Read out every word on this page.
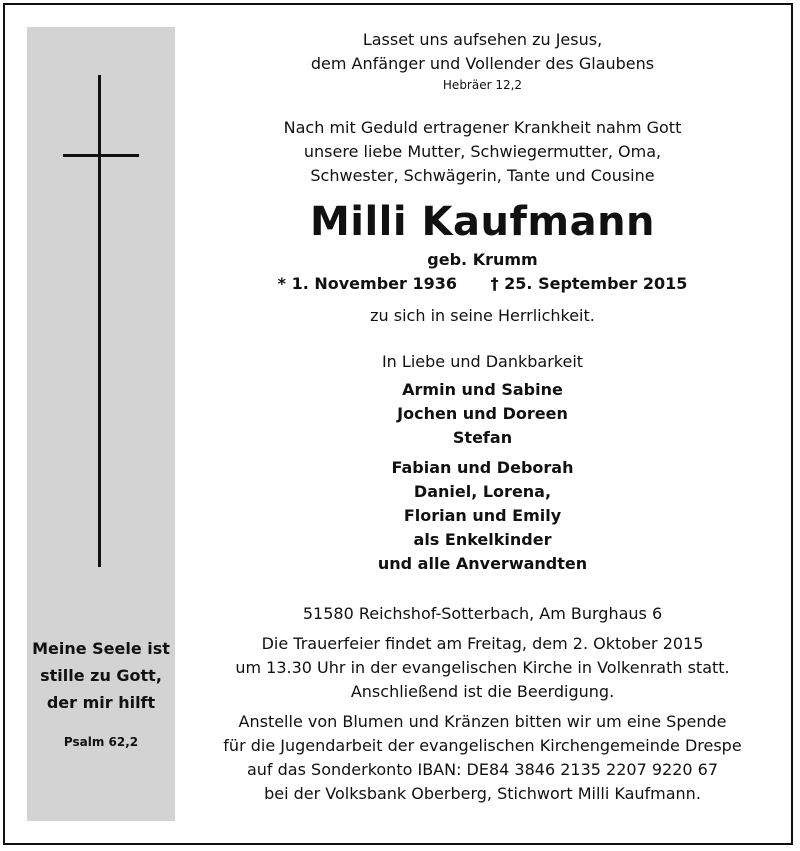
Meine Seele ist
stille zu Gott,
der mir hilft
Psalm 62,2
Lasset uns aufsehen zu Jesus,
dem Anfänger und Vollender des Glaubens
Hebräer 12,2
Nach mit Geduld ertragener Krankheit nahm Gott
unsere liebe Mutter, Schwiegermutter, Oma,
Schwester, Schwägerin, Tante und Cousine
Milli Kaufmann
geb. Krumm
* 1. November 1936 † 25. September 2015
zu sich in seine Herrlichkeit.
In Liebe und Dankbarkeit
Armin und Sabine
Jochen und Doreen
Stefan
Fabian und Deborah
Daniel, Lorena,
Florian und Emily
als Enkelkinder
und alle Anverwandten
51580 Reichshof-Sotterbach, Am Burghaus 6
Die Trauerfeier findet am Freitag, dem 2. Oktober 2015
um 13.30 Uhr in der evangelischen Kirche in Volkenrath statt.
Anschließend ist die Beerdigung.
Anstelle von Blumen und Kränzen bitten wir um eine Spende
für die Jugendarbeit der evangelischen Kirchengemeinde Drespe
auf das Sonderkonto IBAN: DE84 3846 2135 2207 9220 67
bei der Volksbank Oberberg, Stichwort Milli Kaufmann.
